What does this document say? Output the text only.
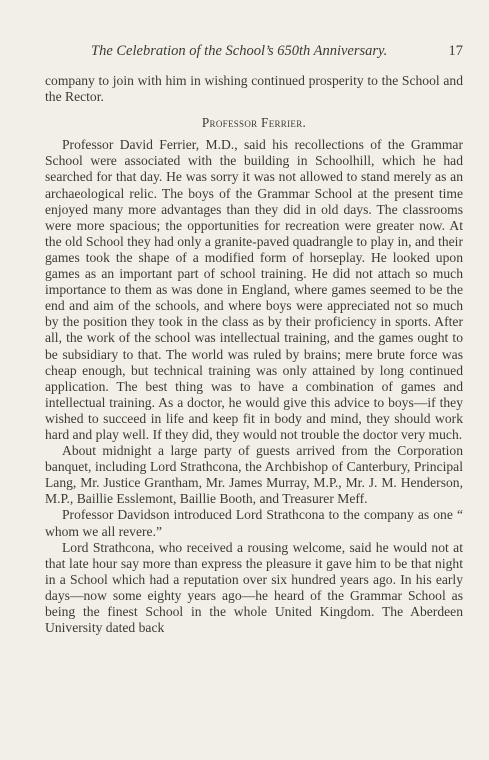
The Celebration of the School’s 650th Anniversary.	17

company to join with him in wishing continued prosperity to the School and the Rector.

Professor Ferrier.

Professor David Ferrier, M.D., said his recollections of the Grammar School were associated with the building in Schoolhill, which he had searched for that day. He was sorry it was not allowed to stand merely as an archaeological relic. The boys of the Grammar School at the present time enjoyed many more advantages than they did in old days. The classrooms were more spacious; the opportunities for recreation were greater now. At the old School they had only a granite-paved quadrangle to play in, and their games took the shape of a modified form of horseplay. He looked upon games as an important part of school training. He did not attach so much importance to them as was done in England, where games seemed to be the end and aim of the schools, and where boys were appreciated not so much by the position they took in the class as by their proficiency in sports. After all, the work of the school was intellectual training, and the games ought to be subsidiary to that. The world was ruled by brains; mere brute force was cheap enough, but technical training was only attained by long continued application. The best thing was to have a combination of games and intellectual training. As a doctor, he would give this advice to boys—if they wished to succeed in life and keep fit in body and mind, they should work hard and play well. If they did, they would not trouble the doctor very much.

About midnight a large party of guests arrived from the Corporation banquet, including Lord Strathcona, the Archbishop of Canterbury, Principal Lang, Mr. Justice Grantham, Mr. James Murray, M.P., Mr. J. M. Henderson, M.P., Baillie Esslemont, Baillie Booth, and Treasurer Meff.

Professor Davidson introduced Lord Strathcona to the company as one “ whom we all revere.”

Lord Strathcona, who received a rousing welcome, said he would not at that late hour say more than express the pleasure it gave him to be that night in a School which had a reputation over six hundred years ago. In his early days—now some eighty years ago—he heard of the Grammar School as being the finest School in the whole United Kingdom. The Aberdeen University dated back
